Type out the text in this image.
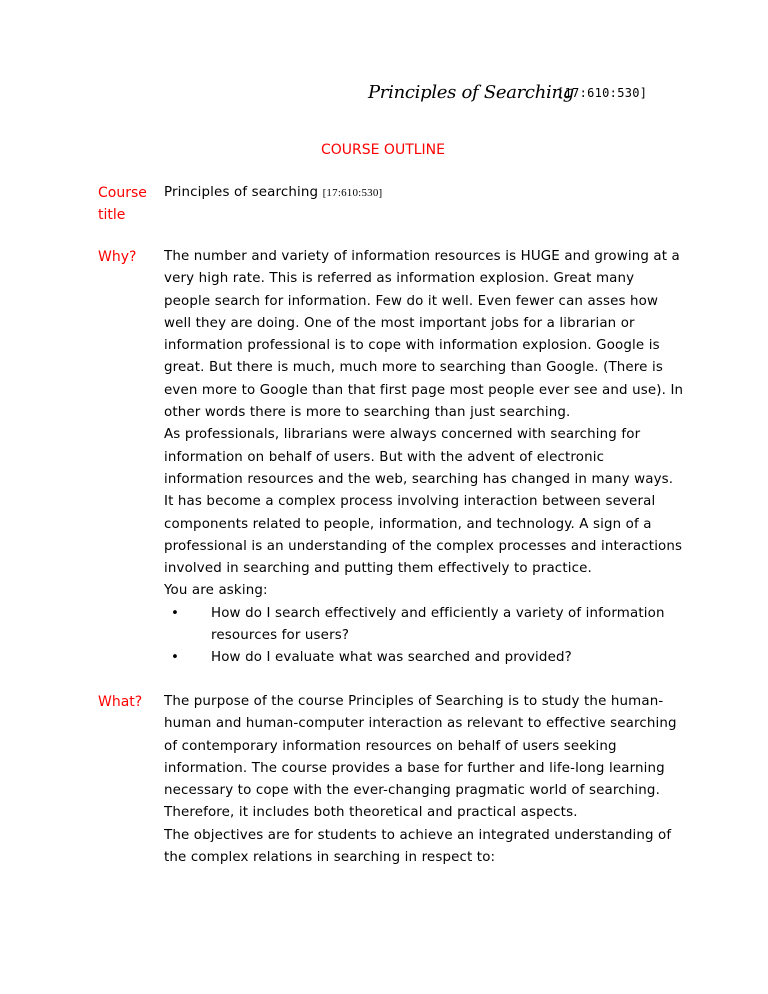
Principles of Searching
[17:610:530]
COURSE OUTLINE
Course
title
Principles of searching [17:610:530]
Why?	The number and variety of information resources is HUGE and growing at a very high rate. This is referred as information explosion. Great many people search for information. Few do it well. Even fewer can asses how well they are doing. One of the most important jobs for a librarian or information professional is to cope with information explosion. Google is great. But there is much, much more to searching than Google. (There is even more to Google than that first page most people ever see and use). In other words there is more to searching than just searching.

As professionals, librarians were always concerned with searching for information on behalf of users. But with the advent of electronic information resources and the web, searching has changed in many ways. It has become a complex process involving interaction between several components related to people, information, and technology. A sign of a professional is an understanding of the complex processes and interactions involved in searching and putting them effectively to practice.

You are asking:

• How do I search effectively and efficiently a variety of information resources for users?
• How do I evaluate what was searched and provided?
What?	The purpose of the course Principles of Searching is to study the human-human and human-computer interaction as relevant to effective searching of contemporary information resources on behalf of users seeking information. The course provides a base for further and life-long learning necessary to cope with the ever-changing pragmatic world of searching. Therefore, it includes both theoretical and practical aspects.

The objectives are for students to achieve an integrated understanding of the complex relations in searching in respect to:
